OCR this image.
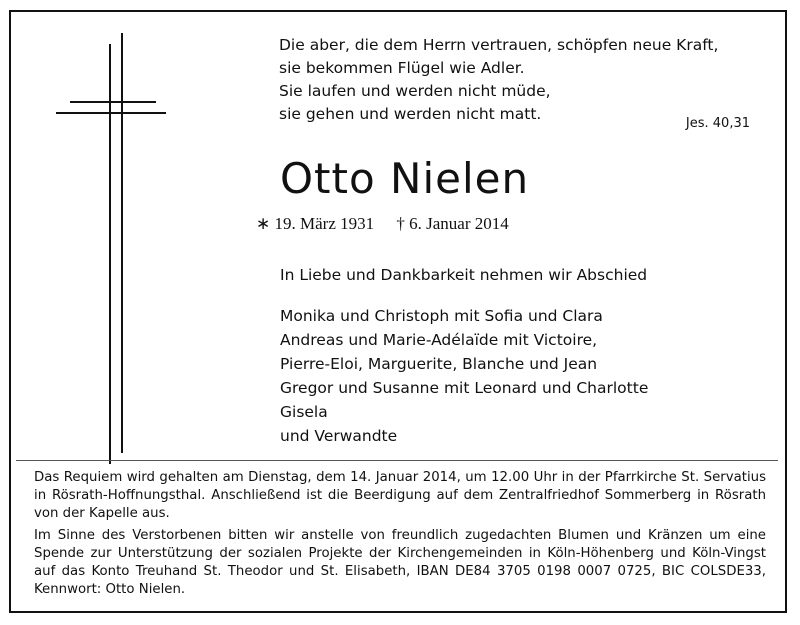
Die aber, die dem Herrn vertrauen, schöpfen neue Kraft,
sie bekommen Flügel wie Adler.
Sie laufen und werden nicht müde,
sie gehen und werden nicht matt.

Jes. 40,31
Otto Nielen
∗ 19. März 1931 † 6. Januar 2014

In Liebe und Dankbarkeit nehmen wir Abschied

Monika und Christoph mit Sofia und Clara
Andreas und Marie-Adélaïde mit Victoire,
Pierre-Eloi, Marguerite, Blanche und Jean
Gregor und Susanne mit Leonard und Charlotte
Gisela
und Verwandte

Das Requiem wird gehalten am Dienstag, dem 14. Januar 2014, um 12.00 Uhr in der Pfarrkirche St. Servatius in Rösrath-Hoffnungsthal. Anschließend ist die Beerdigung auf dem Zentralfriedhof Sommerberg in Rösrath von der Kapelle aus.

Im Sinne des Verstorbenen bitten wir anstelle von freundlich zugedachten Blumen und Kränzen um eine Spende zur Unterstützung der sozialen Projekte der Kirchengemeinden in Köln-Höhenberg und Köln-Vingst auf das Konto Treuhand St. Theodor und St. Elisabeth, IBAN DE84 3705 0198 0007 0725, BIC COLSDE33, Kennwort: Otto Nielen.
